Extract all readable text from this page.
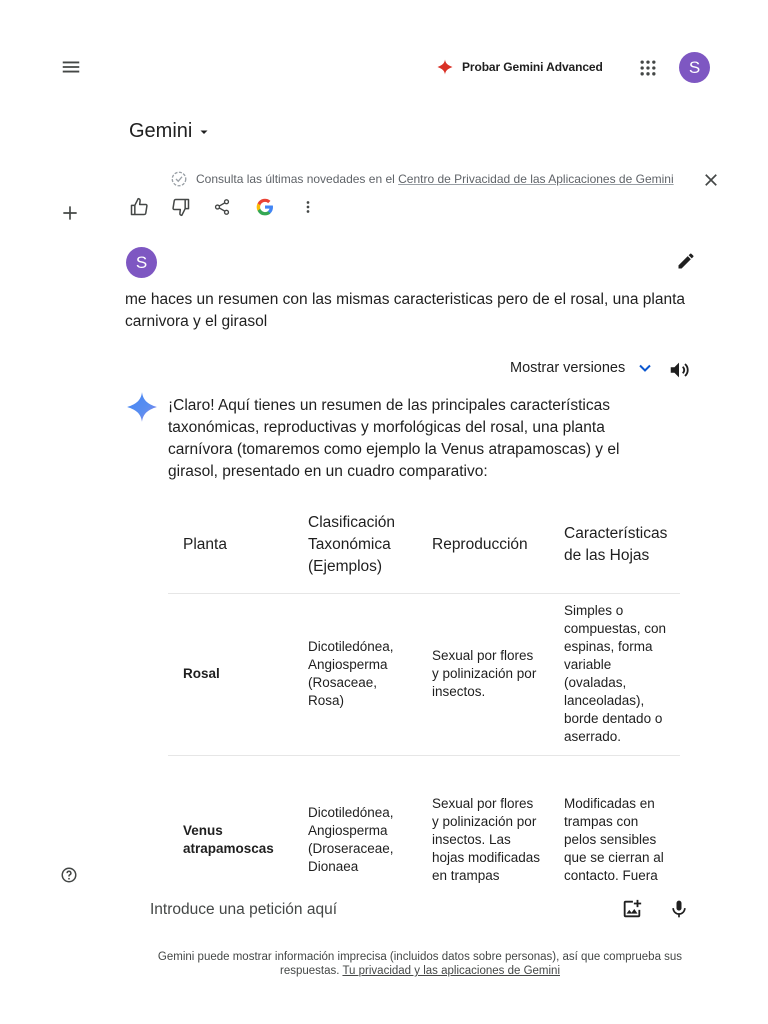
Probar Gemini Advanced	S
Gemini
Consulta las últimas novedades en el Centro de Privacidad de las Aplicaciones de Gemini
S
me haces un resumen con las mismas caracteristicas pero de el rosal, una planta carnivora y el girasol
Mostrar versiones
¡Claro! Aquí tienes un resumen de las principales características taxonómicas, reproductivas y morfológicas del rosal, una planta carnívora (tomaremos como ejemplo la Venus atrapamoscas) y el girasol, presentado en un cuadro comparativo:
Planta	Clasificación Taxonómica (Ejemplos)	Reproducción	Características de las Hojas
Rosal	Dicotiledónea, Angiosperma (Rosaceae, Rosa)	Sexual por flores y polinización por insectos.	Simples o compuestas, con espinas, forma variable (ovaladas, lanceoladas), borde dentado o aserrado.
Venus atrapamoscas	Dicotiledónea, Angiosperma (Droseraceae, Dionaea	Sexual por flores y polinización por insectos. Las hojas modificadas en trampas	Modificadas en trampas con pelos sensibles que se cierran al contacto. Fuera
Introduce una petición aquí
Gemini puede mostrar información imprecisa (incluidos datos sobre personas), así que comprueba sus respuestas. Tu privacidad y las aplicaciones de Gemini
